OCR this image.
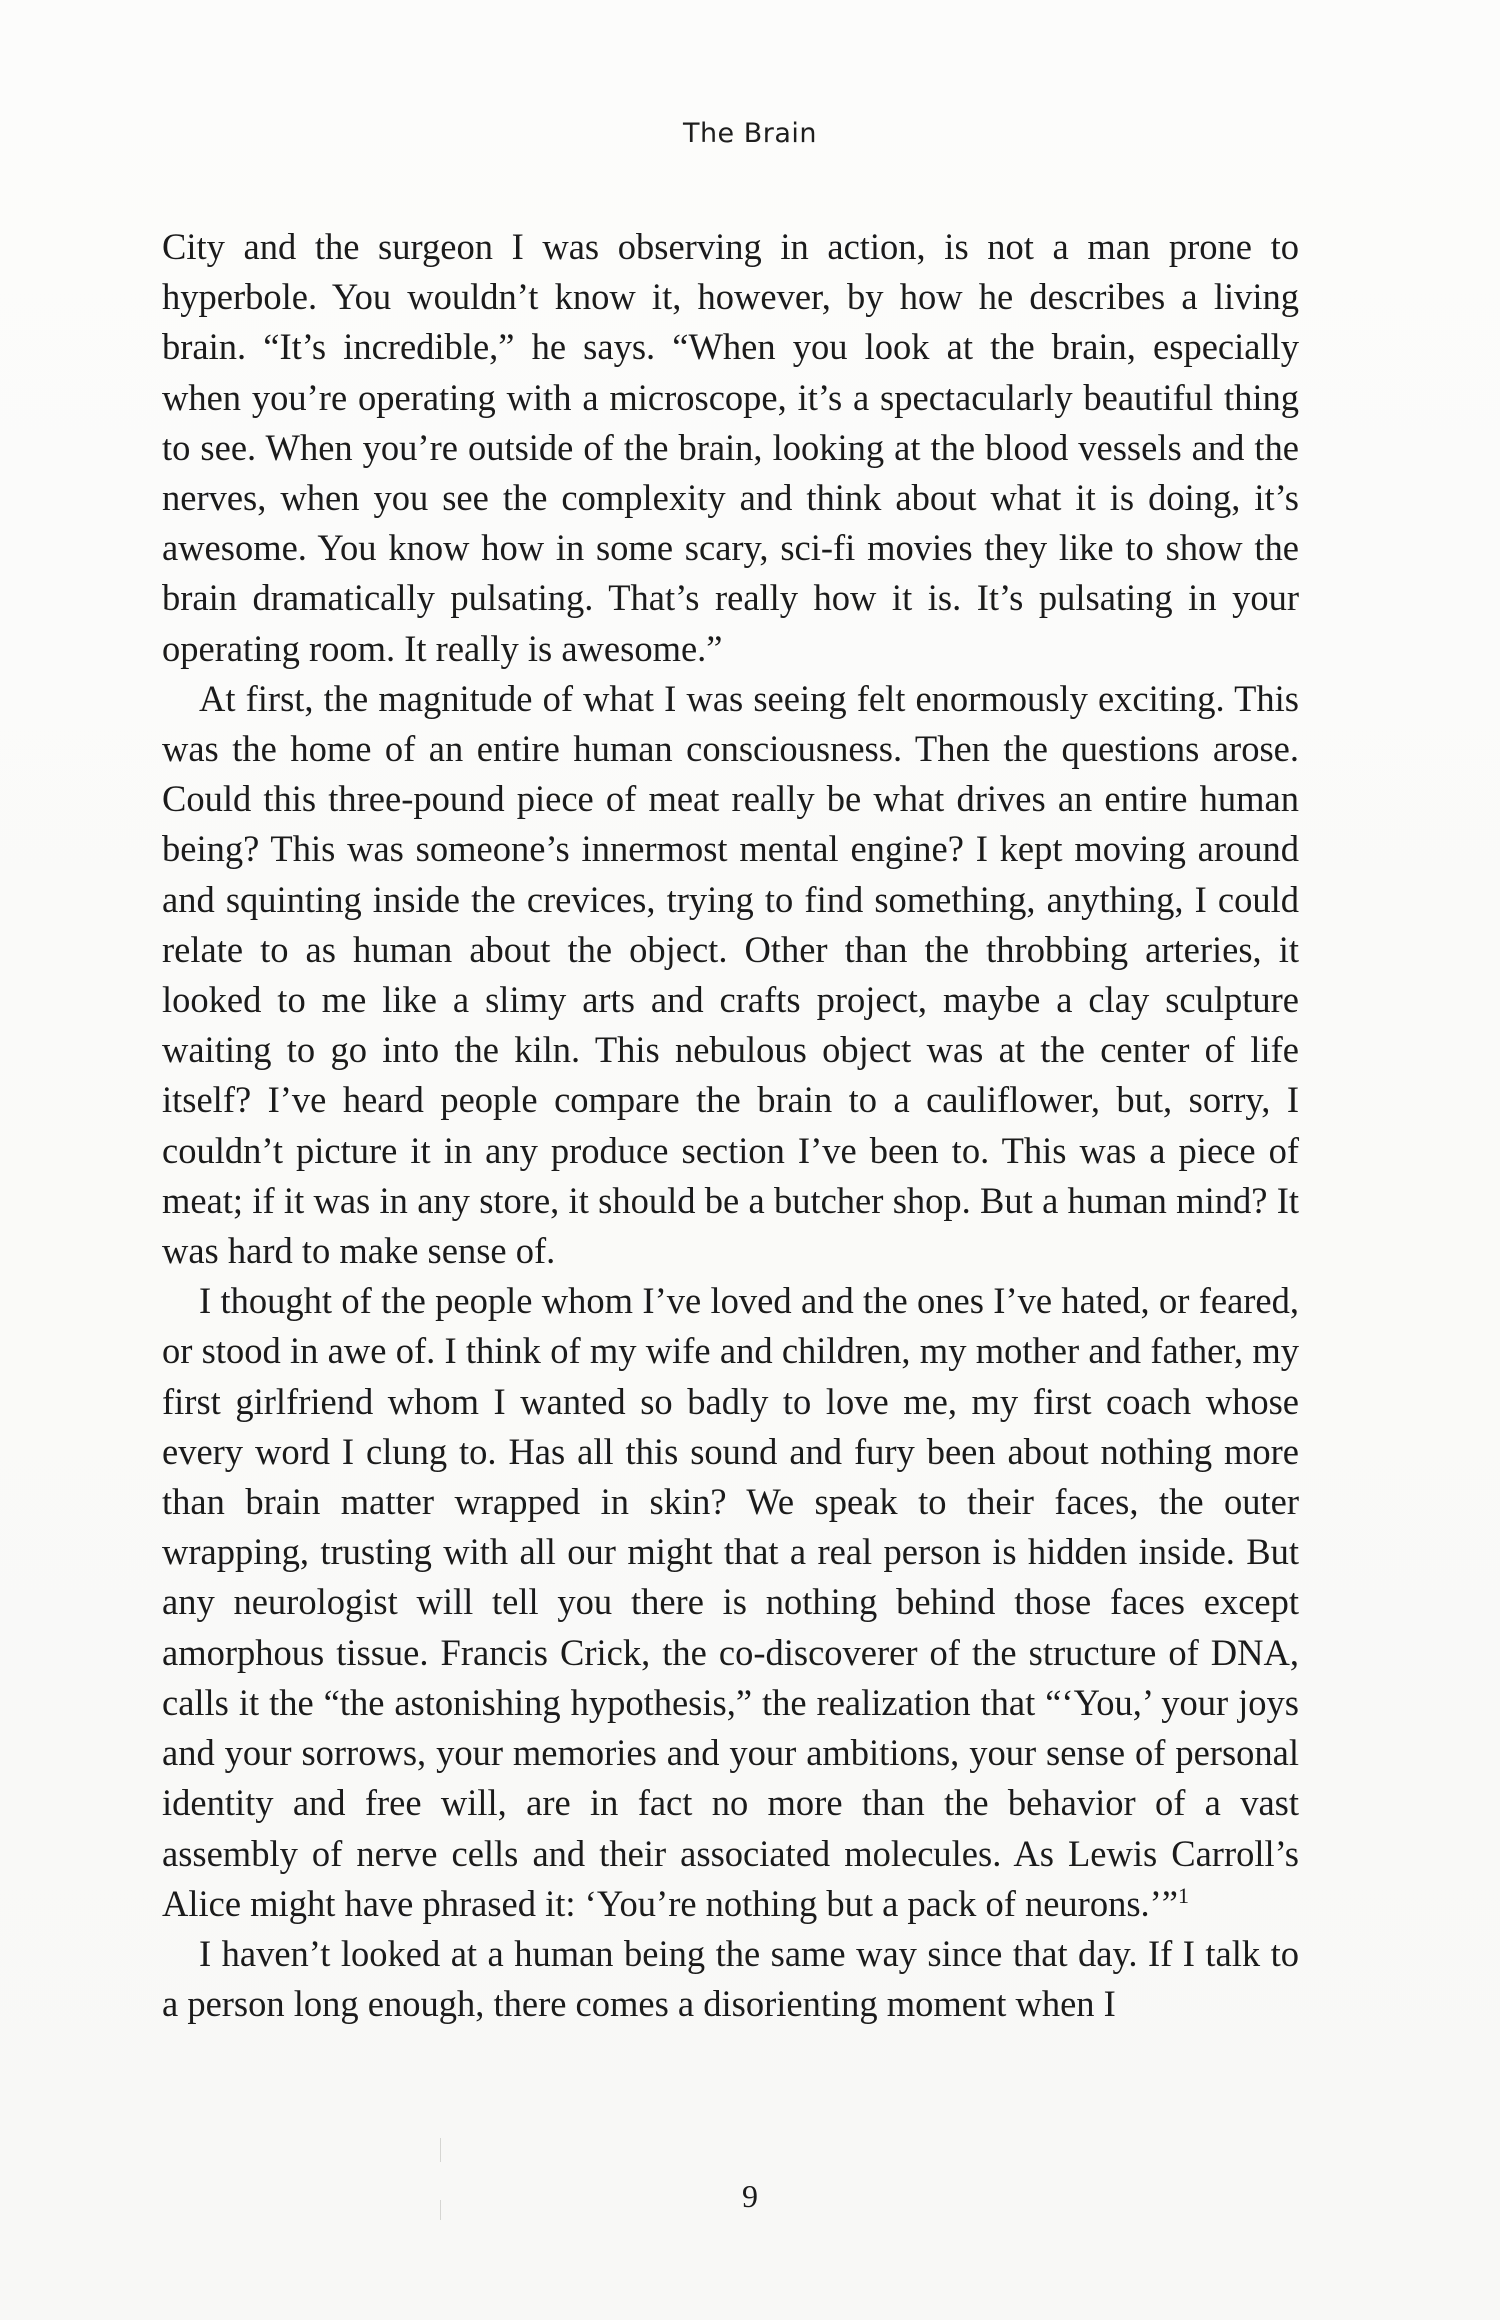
The Brain

City and the surgeon I was observing in action, is not a man prone to hyperbole. You wouldn’t know it, however, by how he describes a living brain. “It’s incredible,” he says. “When you look at the brain, especially when you’re operating with a microscope, it’s a spectacularly beautiful thing to see. When you’re outside of the brain, looking at the blood vessels and the nerves, when you see the complexity and think about what it is doing, it’s awesome. You know how in some scary, sci-fi movies they like to show the brain dramatically pulsating. That’s really how it is. It’s pulsating in your operating room. It really is awesome.”

At first, the magnitude of what I was seeing felt enormously exciting. This was the home of an entire human consciousness. Then the questions arose. Could this three-pound piece of meat really be what drives an entire human being? This was someone’s innermost mental engine? I kept moving around and squinting inside the crevices, trying to find something, anything, I could relate to as human about the object. Other than the throbbing arteries, it looked to me like a slimy arts and crafts project, maybe a clay sculpture waiting to go into the kiln. This nebulous object was at the center of life itself? I’ve heard people compare the brain to a cauliflower, but, sorry, I couldn’t picture it in any produce section I’ve been to. This was a piece of meat; if it was in any store, it should be a butcher shop. But a human mind? It was hard to make sense of.

I thought of the people whom I’ve loved and the ones I’ve hated, or feared, or stood in awe of. I think of my wife and children, my mother and father, my first girlfriend whom I wanted so badly to love me, my first coach whose every word I clung to. Has all this sound and fury been about nothing more than brain matter wrapped in skin? We speak to their faces, the outer wrapping, trusting with all our might that a real person is hidden inside. But any neurologist will tell you there is nothing behind those faces except amorphous tissue. Francis Crick, the co-discoverer of the structure of DNA, calls it the “the astonishing hypothesis,” the realization that “‘You,’ your joys and your sorrows, your memories and your ambitions, your sense of personal identity and free will, are in fact no more than the behavior of a vast assembly of nerve cells and their associated molecules. As Lewis Carroll’s Alice might have phrased it: ‘You’re nothing but a pack of neurons.’”$^1$

I haven’t looked at a human being the same way since that day. If I talk to a person long enough, there comes a disorienting moment when I

9
